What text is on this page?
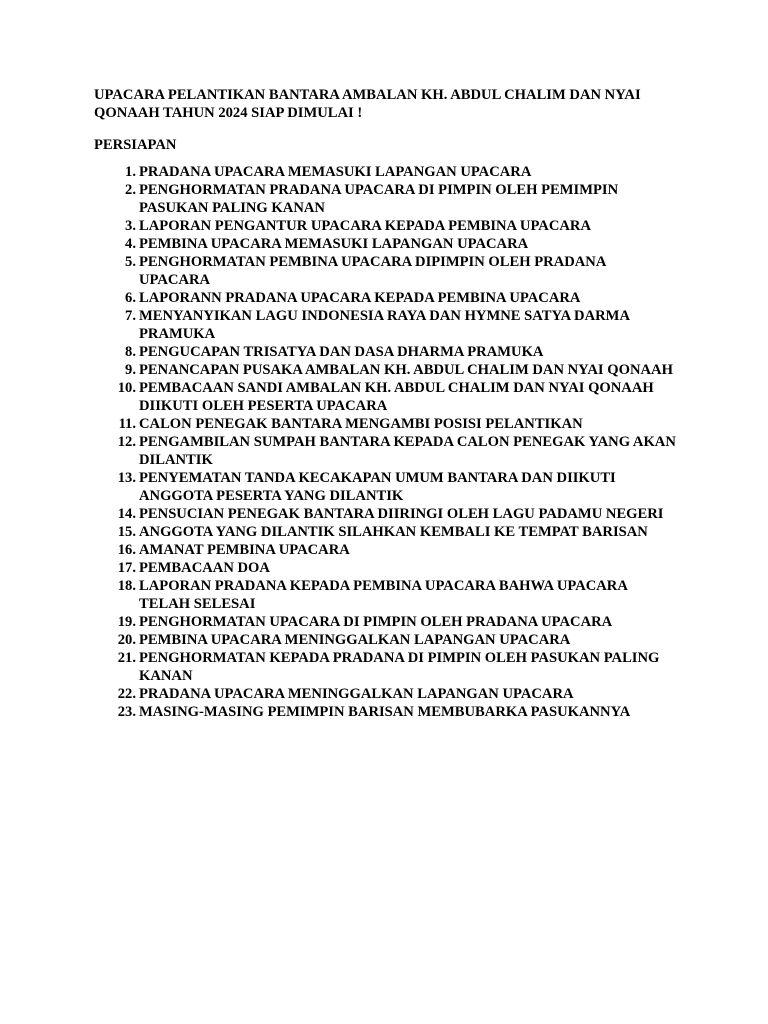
UPACARA PELANTIKAN BANTARA AMBALAN KH. ABDUL CHALIM DAN NYAI QONAAH TAHUN 2024 SIAP DIMULAI !

PERSIAPAN

1. PRADANA UPACARA MEMASUKI LAPANGAN UPACARA
2. PENGHORMATAN PRADANA UPACARA DI PIMPIN OLEH PEMIMPIN PASUKAN PALING KANAN
3. LAPORAN PENGANTUR UPACARA KEPADA PEMBINA UPACARA
4. PEMBINA UPACARA MEMASUKI LAPANGAN UPACARA
5. PENGHORMATAN PEMBINA UPACARA DIPIMPIN OLEH PRADANA UPACARA
6. LAPORANN PRADANA UPACARA KEPADA PEMBINA UPACARA
7. MENYANYIKAN LAGU INDONESIA RAYA DAN HYMNE SATYA DARMA PRAMUKA
8. PENGUCAPAN TRISATYA DAN DASA DHARMA PRAMUKA
9. PENANCAPAN PUSAKA AMBALAN KH. ABDUL CHALIM DAN NYAI QONAAH
10. PEMBACAAN SANDI AMBALAN KH. ABDUL CHALIM DAN NYAI QONAAH DIIKUTI OLEH PESERTA UPACARA
11. CALON PENEGAK BANTARA MENGAMBI POSISI PELANTIKAN
12. PENGAMBILAN SUMPAH BANTARA KEPADA CALON PENEGAK YANG AKAN DILANTIK
13. PENYEMATAN TANDA KECAKAPAN UMUM BANTARA DAN DIIKUTI ANGGOTA PESERTA YANG DILANTIK
14. PENSUCIAN PENEGAK BANTARA DIIRINGI OLEH LAGU PADAMU NEGERI
15. ANGGOTA YANG DILANTIK SILAHKAN KEMBALI KE TEMPAT BARISAN
16. AMANAT PEMBINA UPACARA
17. PEMBACAAN DOA
18. LAPORAN PRADANA KEPADA PEMBINA UPACARA BAHWA UPACARA TELAH SELESAI
19. PENGHORMATAN UPACARA DI PIMPIN OLEH PRADANA UPACARA
20. PEMBINA UPACARA MENINGGALKAN LAPANGAN UPACARA
21. PENGHORMATAN KEPADA PRADANA DI PIMPIN OLEH PASUKAN PALING KANAN
22. PRADANA UPACARA MENINGGALKAN LAPANGAN UPACARA
23. MASING-MASING PEMIMPIN BARISAN MEMBUBARKA PASUKANNYA
